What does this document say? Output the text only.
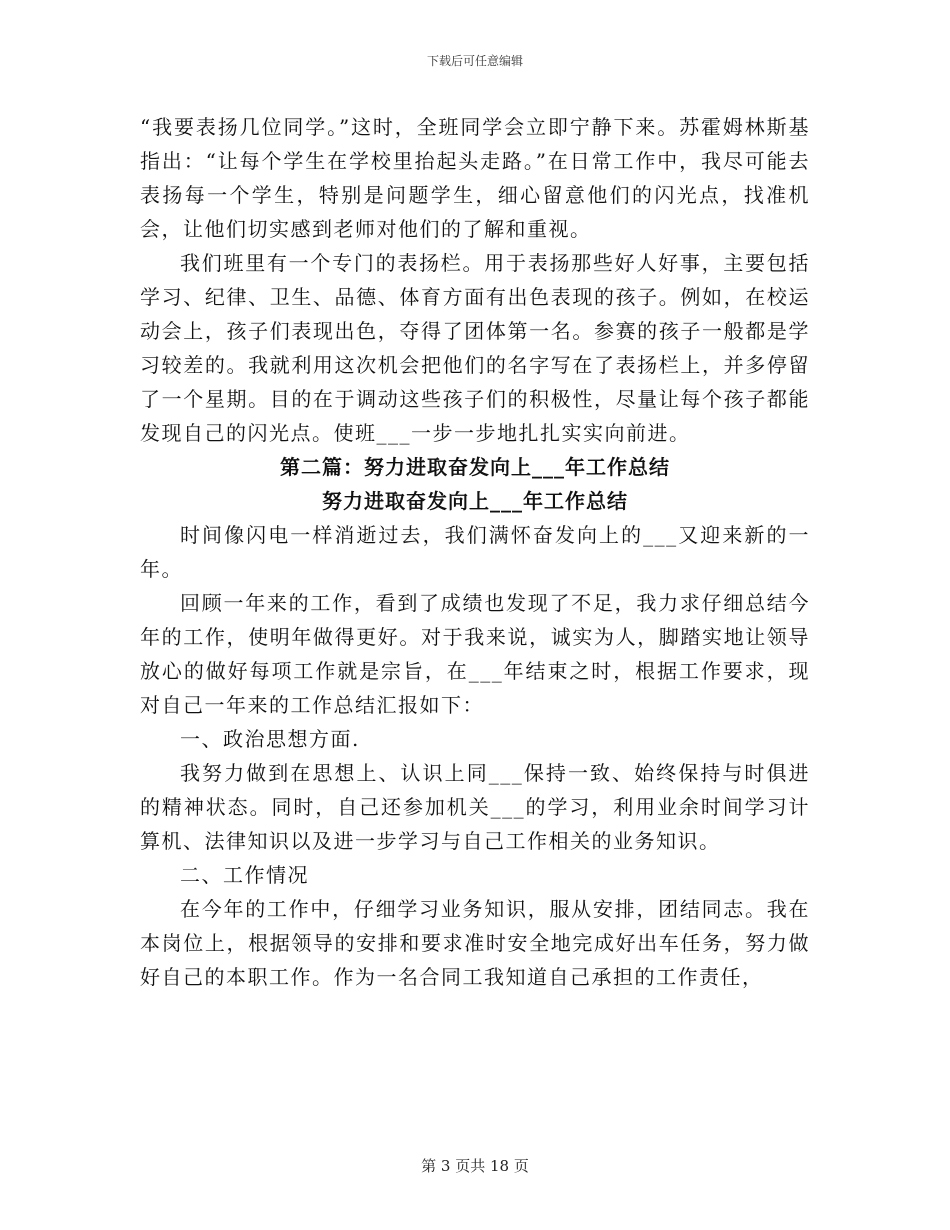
下载后可任意编辑

“我要表扬几位同学。”这时，全班同学会立即宁静下来。苏霍姆林斯基指出：“让每个学生在学校里抬起头走路。”在日常工作中，我尽可能去表扬每一个学生，特别是问题学生，细心留意他们的闪光点，找准机会，让他们切实感到老师对他们的了解和重视。

我们班里有一个专门的表扬栏。用于表扬那些好人好事，主要包括学习、纪律、卫生、品德、体育方面有出色表现的孩子。例如，在校运动会上，孩子们表现出色，夺得了团体第一名。参赛的孩子一般都是学习较差的。我就利用这次机会把他们的名字写在了表扬栏上，并多停留了一个星期。目的在于调动这些孩子们的积极性，尽量让每个孩子都能发现自己的闪光点。使班___一步一步地扎扎实实向前进。

第二篇：努力进取奋发向上___年工作总结

努力进取奋发向上___年工作总结

时间像闪电一样消逝过去，我们满怀奋发向上的___又迎来新的一年。

回顾一年来的工作，看到了成绩也发现了不足，我力求仔细总结今年的工作，使明年做得更好。对于我来说，诚实为人，脚踏实地让领导放心的做好每项工作就是宗旨，在___年结束之时，根据工作要求，现对自己一年来的工作总结汇报如下：

一、政治思想方面.

我努力做到在思想上、认识上同___保持一致、始终保持与时俱进的精神状态。同时，自己还参加机关___的学习，利用业余时间学习计算机、法律知识以及进一步学习与自己工作相关的业务知识。

二、工作情况

在今年的工作中，仔细学习业务知识，服从安排，团结同志。我在本岗位上，根据领导的安排和要求准时安全地完成好出车任务，努力做好自己的本职工作。作为一名合同工我知道自己承担的工作责任，

第 3 页共 18 页
